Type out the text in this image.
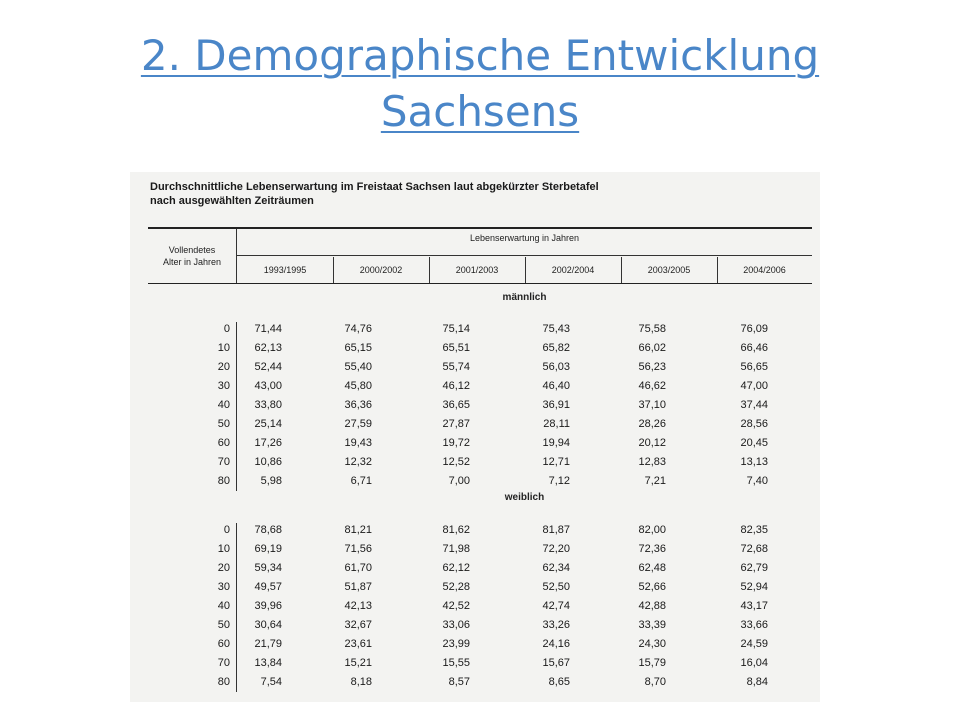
2. Demographische Entwicklung
Sachsens
Durchschnittliche Lebenserwartung im Freistaat Sachsen laut abgekürzter Sterbetafel
nach ausgewählten Zeiträumen
Vollendetes
Alter in Jahren
Lebenserwartung in Jahren
1993/1995	2000/2002	2001/2003	2002/2004	2003/2005	2004/2006
männlich
0	71,44	74,76	75,14	75,43	75,58	76,09
10	62,13	65,15	65,51	65,82	66,02	66,46
20	52,44	55,40	55,74	56,03	56,23	56,65
30	43,00	45,80	46,12	46,40	46,62	47,00
40	33,80	36,36	36,65	36,91	37,10	37,44
50	25,14	27,59	27,87	28,11	28,26	28,56
60	17,26	19,43	19,72	19,94	20,12	20,45
70	10,86	12,32	12,52	12,71	12,83	13,13
80	5,98	6,71	7,00	7,12	7,21	7,40
weiblich
0	78,68	81,21	81,62	81,87	82,00	82,35
10	69,19	71,56	71,98	72,20	72,36	72,68
20	59,34	61,70	62,12	62,34	62,48	62,79
30	49,57	51,87	52,28	52,50	52,66	52,94
40	39,96	42,13	42,52	42,74	42,88	43,17
50	30,64	32,67	33,06	33,26	33,39	33,66
60	21,79	23,61	23,99	24,16	24,30	24,59
70	13,84	15,21	15,55	15,67	15,79	16,04
80	7,54	8,18	8,57	8,65	8,70	8,84
